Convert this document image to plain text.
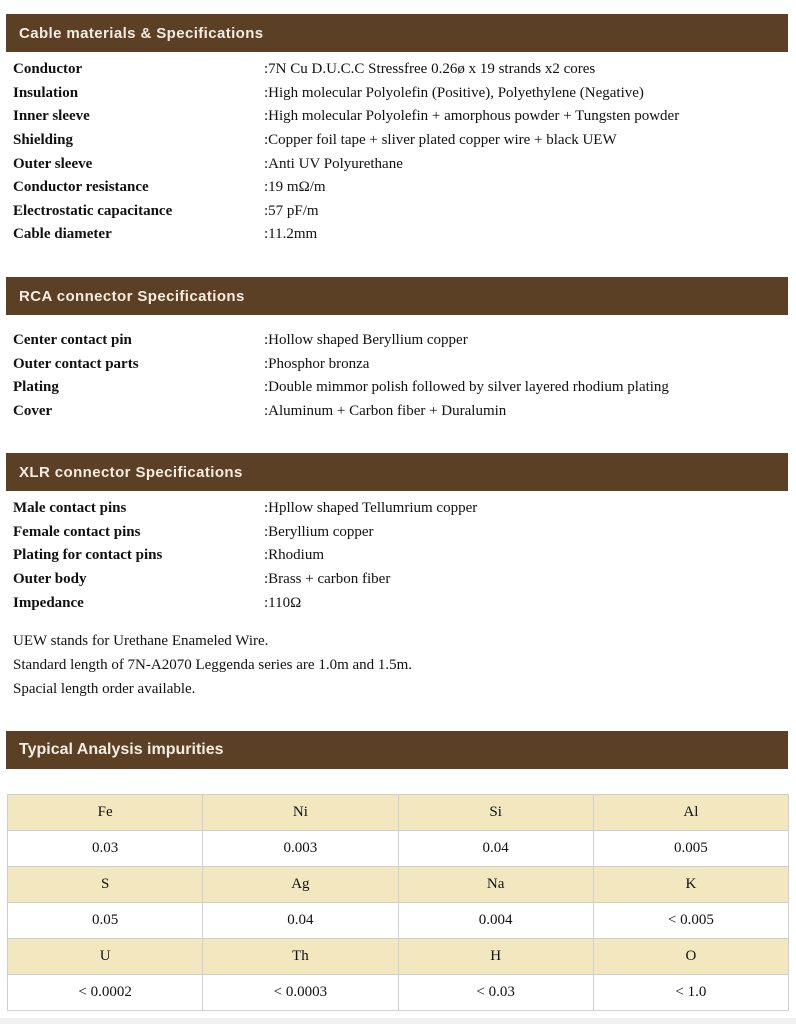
Cable materials & Specifications
Conductor	:7N Cu D.U.C.C Stressfree 0.26ø x 19 strands x2 cores
Insulation	:High molecular Polyolefin (Positive), Polyethylene (Negative)
Inner sleeve	:High molecular Polyolefin + amorphous powder + Tungsten powder
Shielding	:Copper foil tape + sliver plated copper wire + black UEW
Outer sleeve	:Anti UV Polyurethane
Conductor resistance	:19 mΩ/m
Electrostatic capacitance	:57 pF/m
Cable diameter	:11.2mm
RCA connector Specifications
Center contact pin	:Hollow shaped Beryllium copper
Outer contact parts	:Phosphor bronza
Plating	:Double mimmor polish followed by silver layered rhodium plating
Cover	:Aluminum + Carbon fiber + Duralumin
XLR connector Specifications
Male contact pins	:Hpllow shaped Tellumrium copper
Female contact pins	:Beryllium copper
Plating for contact pins	:Rhodium
Outer body	:Brass + carbon fiber
Impedance	:110Ω
UEW stands for Urethane Enameled Wire.
Standard length of 7N-A2070 Leggenda series are 1.0m and 1.5m.
Spacial length order available.
Typical Analysis impurities
Fe	Ni	Si	Al
0.03	0.003	0.04	0.005
S	Ag	Na	K
0.05	0.04	0.004	< 0.005
U	Th	H	O
< 0.0002	< 0.0003	< 0.03	< 1.0
